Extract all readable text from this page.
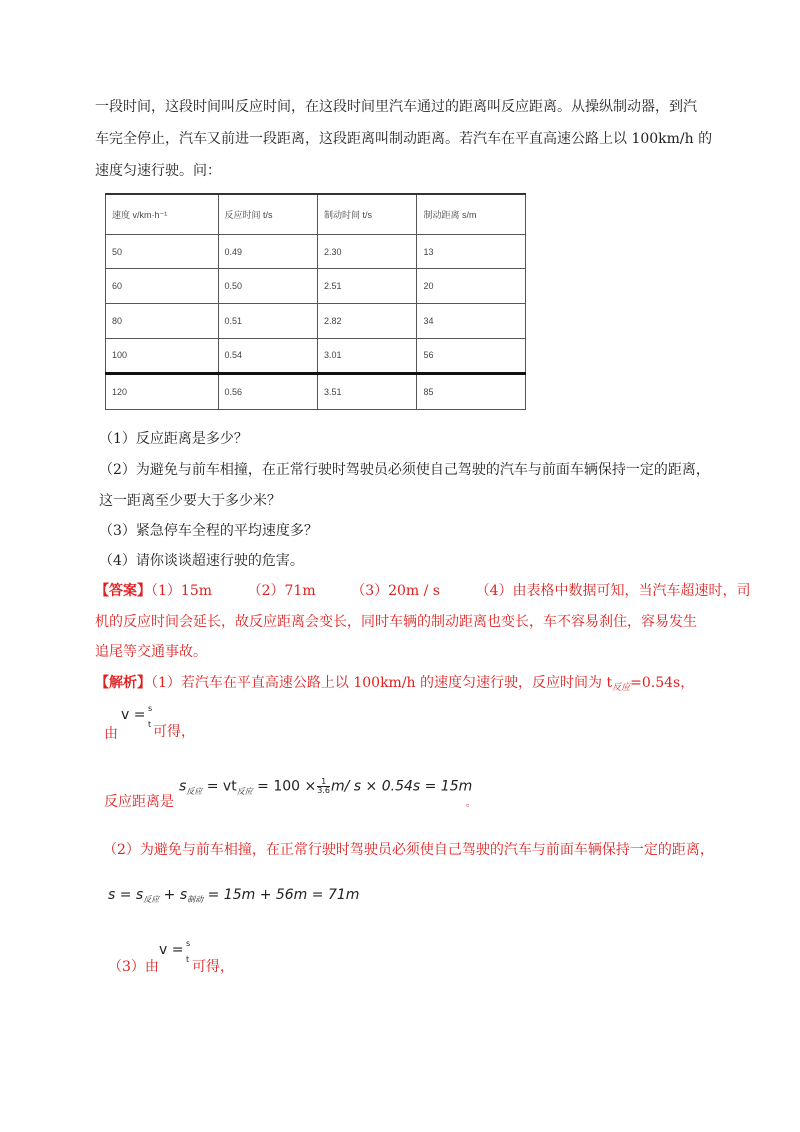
一段时间，这段时间叫反应时间，在这段时间里汽车通过的距离叫反应距离。从操纵制动器，到汽
车完全停止，汽车又前进一段距离，这段距离叫制动距离。若汽车在平直高速公路上以 100km/h 的
速度匀速行驶。问：
速度 v/km·h⁻¹	反应时间 t/s	制动时间 t/s	制动距离 s/m
50	0.49	2.30	13
60	0.50	2.51	20
80	0.51	2.82	34
100	0.54	3.01	56
120	0.56	3.51	85
（1）反应距离是多少？
（2）为避免与前车相撞，在正常行驶时驾驶员必须使自己驾驶的汽车与前面车辆保持一定的距离，
这一距离至少要大于多少米？
（3）紧急停车全程的平均速度多？
（4）请你谈谈超速行驶的危害。
【答案】（1）15m        （2）71m        （3）20m / s        （4）由表格中数据可知，当汽车超速时，司
机的反应时间会延长，故反应距离会变长，同时车辆的制动距离也变长，车不容易刹住，容易发生
追尾等交通事故。
【解析】（1）若汽车在平直高速公路上以 100km/h 的速度匀速行驶，反应时间为 $t_{反应}=0.54s$，
v = s
t
由	可得，
$s_{反应} = vt_{反应} = 100 \times \frac{1}{3.6} m/$ s × 0.54s = 15m
反应距离是	。
（2）为避免与前车相撞，在正常行驶时驾驶员必须使自己驾驶的汽车与前面车辆保持一定的距离，
$s = s_{反应} + s_{制动} = 15m + 56m = 71m$
v = s
t
（3）由 可得，
